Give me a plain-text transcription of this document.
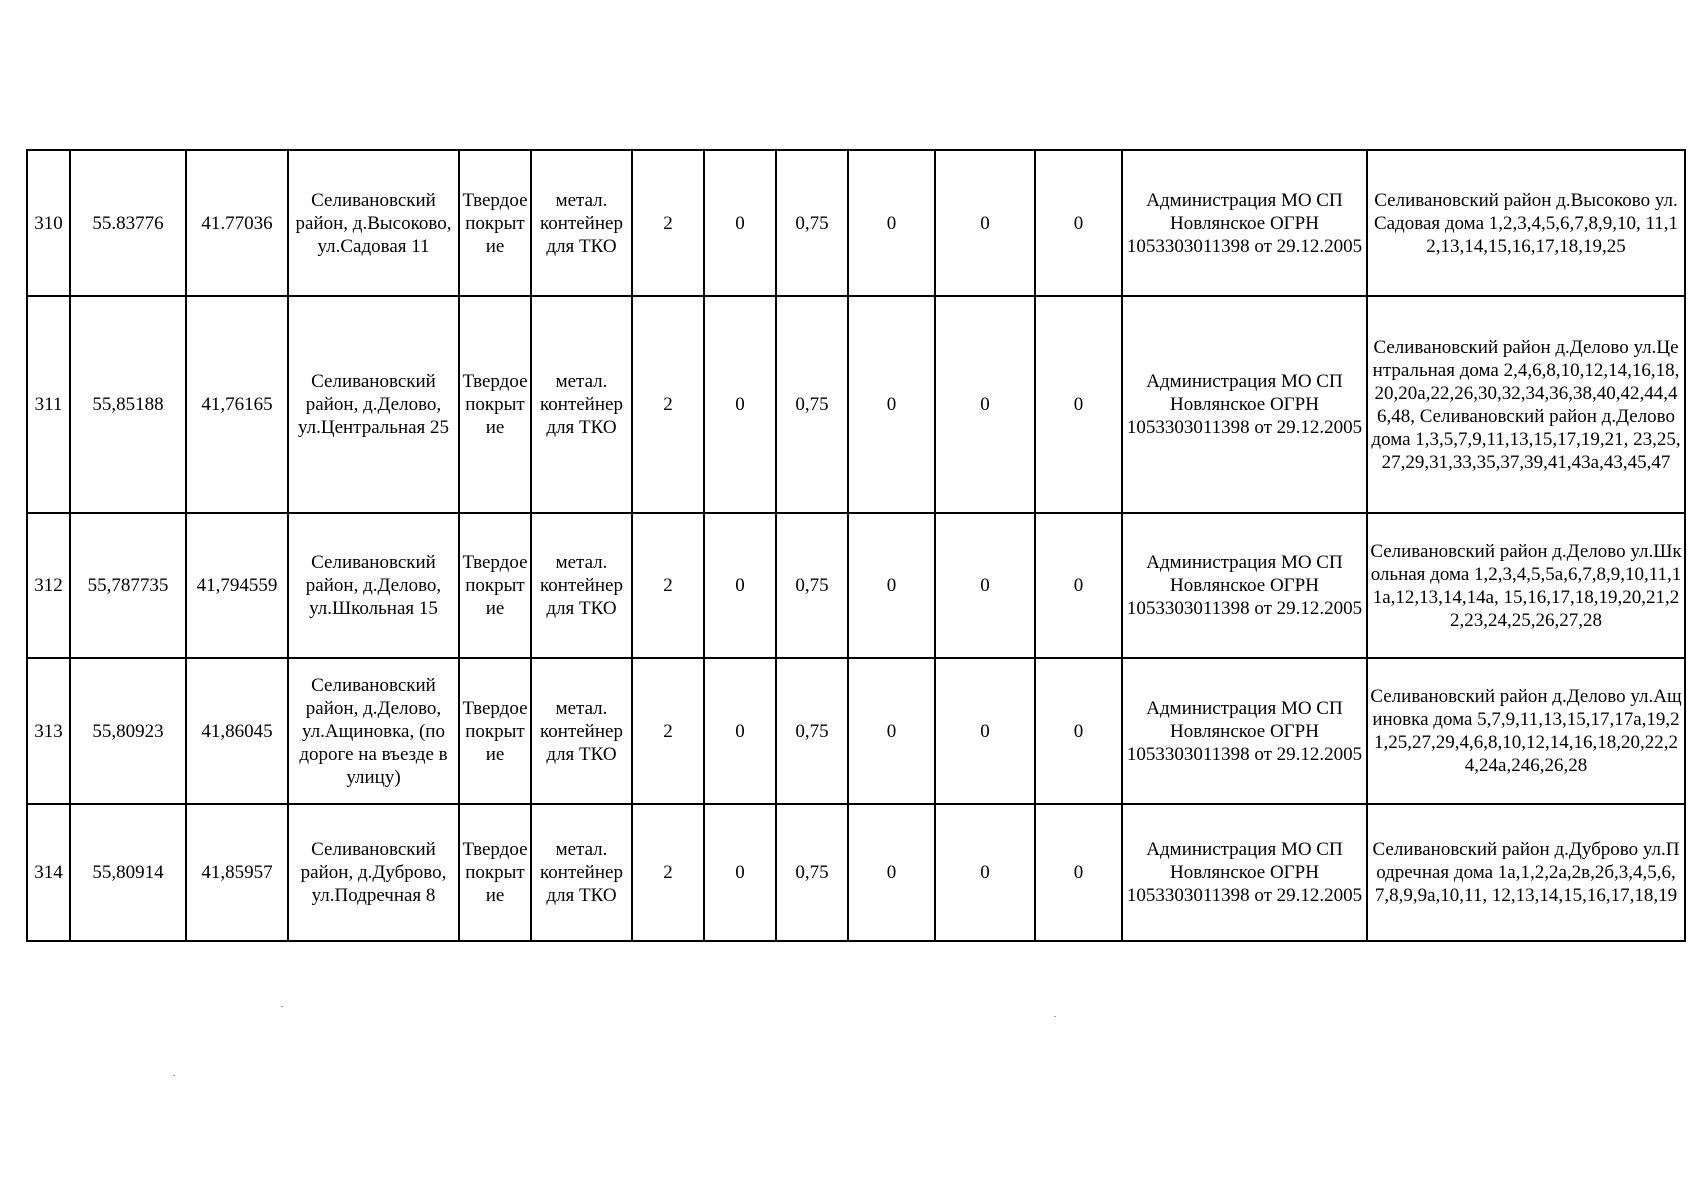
310	55.83776	41.77036	Селивановский район, д.Высоково, ул.Садовая 11	Твердое покрытие	метал. контейнер для ТКО	2	0	0,75	0	0	0	Администрация МО СП Новлянское ОГРН 1053303011398 от 29.12.2005	Селивановский район д.Высоково ул.Садовая дома 1,2,3,4,5,6,7,8,9,10, 11,12,13,14,15,16,17,18,19,25
311	55,85188	41,76165	Селивановский район, д.Делово, ул.Центральная 25	Твердое покрытие	метал. контейнер для ТКО	2	0	0,75	0	0	0	Администрация МО СП Новлянское ОГРН 1053303011398 от 29.12.2005	Селивановский район д.Делово ул.Центральная дома 2,4,6,8,10,12,14,16,18,20,20а,22,26,30,32,34,36,38,40,42,44,46,48, Селивановский район д.Делово дома 1,3,5,7,9,11,13,15,17,19,21, 23,25,27,29,31,33,35,37,39,41,43а,43,45,47
312	55,787735	41,794559	Селивановский район, д.Делово, ул.Школьная 15	Твердое покрытие	метал. контейнер для ТКО	2	0	0,75	0	0	0	Администрация МО СП Новлянское ОГРН 1053303011398 от 29.12.2005	Селивановский район д.Делово ул.Школьная дома 1,2,3,4,5,5а,6,7,8,9,10,11,11а,12,13,14,14а, 15,16,17,18,19,20,21,22,23,24,25,26,27,28
313	55,80923	41,86045	Селивановский район, д.Делово, ул.Ащиновка, (по дороге на въезде в улицу)	Твердое покрытие	метал. контейнер для ТКО	2	0	0,75	0	0	0	Администрация МО СП Новлянское ОГРН 1053303011398 от 29.12.2005	Селивановский район д.Делово ул.Ащиновка дома 5,7,9,11,13,15,17,17а,19,21,25,27,29,4,6,8,10,12,14,16,18,20,22,24,24а,246,26,28
314	55,80914	41,85957	Селивановский район, д.Дуброво, ул.Подречная 8	Твердое покрытие	метал. контейнер для ТКО	2	0	0,75	0	0	0	Администрация МО СП Новлянское ОГРН 1053303011398 от 29.12.2005	Селивановский район д.Дуброво ул.Подречная дома 1а,1,2,2а,2в,2б,3,4,5,6,7,8,9,9а,10,11, 12,13,14,15,16,17,18,19
